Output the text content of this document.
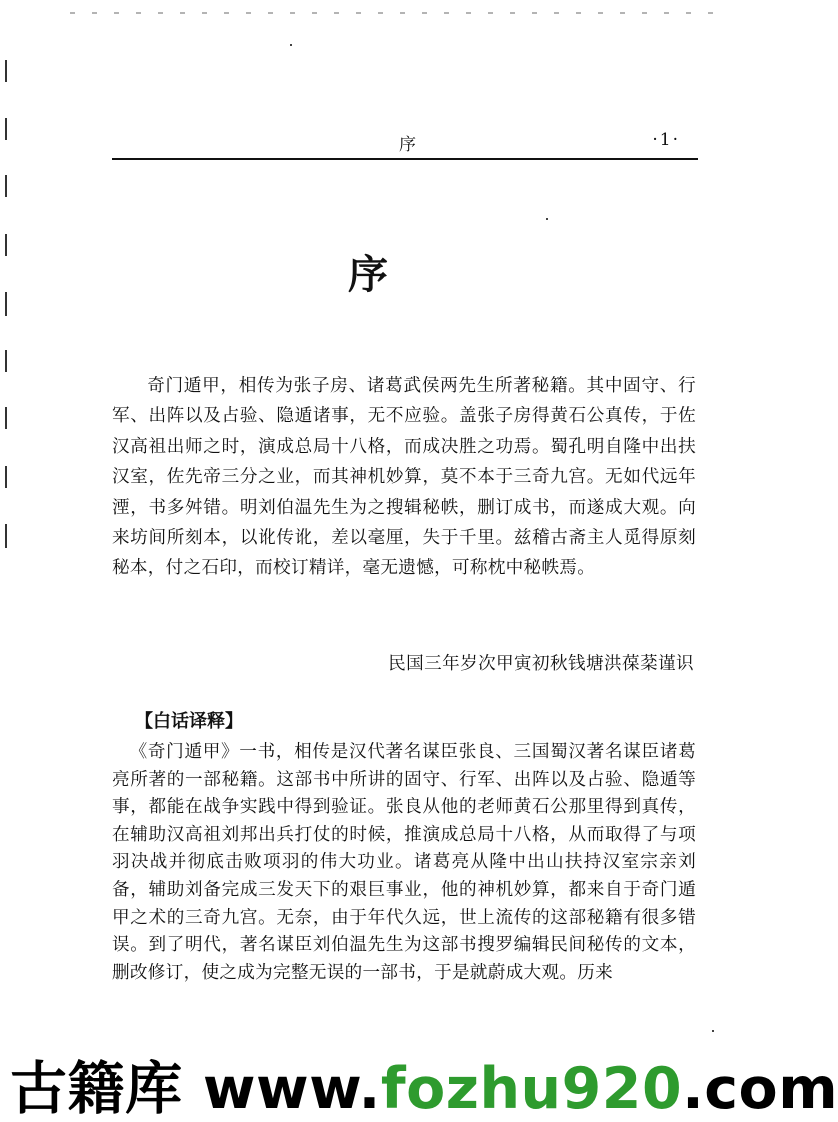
序	·1·
序

奇门遁甲，相传为张子房、诸葛武侯两先生所著秘籍。其中固守、行军、出阵以及占验、隐遁诸事，无不应验。盖张子房得黄石公真传，于佐汉高祖出师之时，演成总局十八格，而成决胜之功焉。蜀孔明自隆中出扶汉室，佐先帝三分之业，而其神机妙算，莫不本于三奇九宫。无如代远年湮，书多舛错。明刘伯温先生为之搜辑秘帙，删订成书，而遂成大观。向来坊间所刻本，以讹传讹，差以毫厘，失于千里。兹稽古斋主人觅得原刻秘本，付之石印，而校订精详，毫无遗憾，可称枕中秘帙焉。

民国三年岁次甲寅初秋钱塘洪葆棻谨识
【白话译释】

《奇门遁甲》一书，相传是汉代著名谋臣张良、三国蜀汉著名谋臣诸葛亮所著的一部秘籍。这部书中所讲的固守、行军、出阵以及占验、隐遁等事，都能在战争实践中得到验证。张良从他的老师黄石公那里得到真传，在辅助汉高祖刘邦出兵打仗的时候，推演成总局十八格，从而取得了与项羽决战并彻底击败项羽的伟大功业。诸葛亮从隆中出山扶持汉室宗亲刘备，辅助刘备完成三发天下的艰巨事业，他的神机妙算，都来自于奇门遁甲之术的三奇九宫。无奈，由于年代久远，世上流传的这部秘籍有很多错误。到了明代，著名谋臣刘伯温先生为这部书搜罗编辑民间秘传的文本，删改修订，使之成为完整无误的一部书，于是就蔚成大观。历来

古籍库 www.fozhu920.com
